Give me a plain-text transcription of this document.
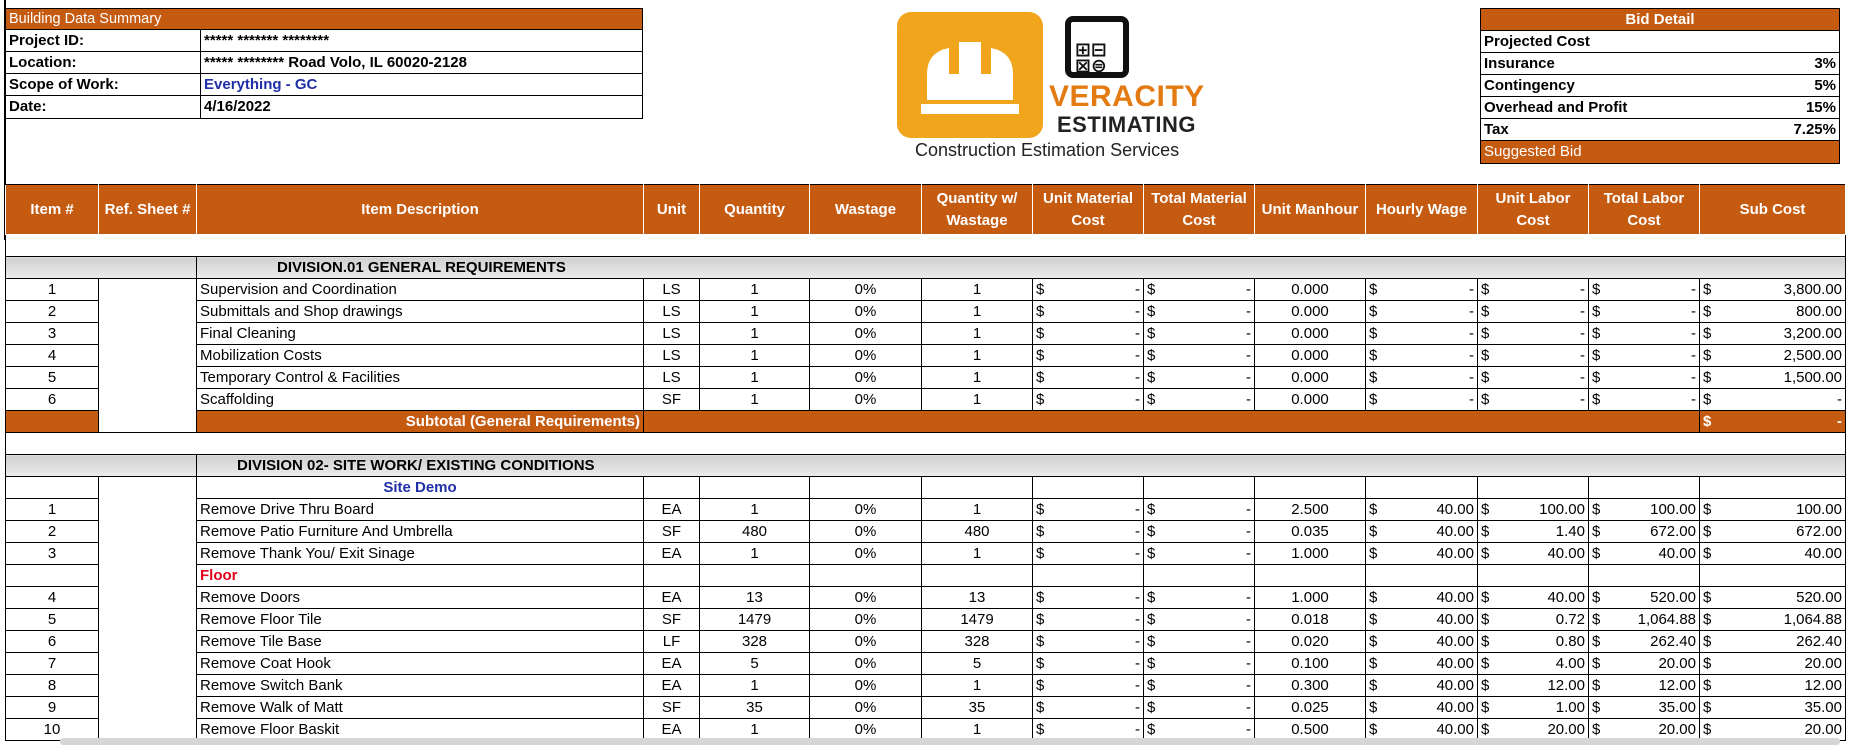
Building Data Summary
Project ID:	***** ******* ********
Location:	***** ******** Road Volo, IL 60020-2128
Scope of Work:	Everything - GC
Date:	4/16/2022
⊞⊟
⊠⊜
VERACITY
ESTIMATING
Construction Estimation Services
Bid Detail
Projected Cost
Insurance	3%
Contingency	5%
Overhead and Profit	15%
Tax	7.25%
Suggested Bid
Item #	Ref. Sheet #	Item Description	Unit	Quantity	Wastage	Quantity w/ Wastage	Unit Material Cost	Total Material Cost	Unit Manhour	Hourly Wage	Unit Labor Cost	Total Labor Cost	Sub Cost

		DIVISION.01 GENERAL REQUIREMENTS											
1		Supervision and Coordination	LS	1	0%	1	$ -	$ -	0.000	$ -	$ -	$ -	$ 3,800.00

2		Submittals and Shop drawings	LS	1	0%	1	$ -	$ -	0.000	$ -	$ -	$ -	$ 800.00

3		Final Cleaning	LS	1	0%	1	$ -	$ -	0.000	$ -	$ -	$ -	$ 3,200.00

4		Mobilization Costs	LS	1	0%	1	$ -	$ -	0.000	$ -	$ -	$ -	$ 2,500.00

5		Temporary Control & Facilities	LS	1	0%	1	$ -	$ -	0.000	$ -	$ -	$ -	$ 1,500.00

6		Scaffolding	SF	1	0%	1	$ -	$ -	0.000	$ -	$ -	$ -	$ -

		Subtotal (General Requirements)											$ -

		DIVISION 02- SITE WORK/ EXISTING CONDITIONS											
		Site Demo											
1		Remove Drive Thru Board	EA	1	0%	1	$ -	$ -	2.500	$ 40.00	$ 100.00	$ 100.00	$ 100.00

2		Remove Patio Furniture And Umbrella	SF	480	0%	480	$ -	$ -	0.035	$ 40.00	$ 1.40	$ 672.00	$ 672.00

3		Remove Thank You/ Exit Sinage	EA	1	0%	1	$ -	$ -	1.000	$ 40.00	$ 40.00	$ 40.00	$ 40.00

		Floor											
4		Remove Doors	EA	13	0%	13	$ -	$ -	1.000	$ 40.00	$ 40.00	$ 520.00	$ 520.00

5		Remove Floor Tile	SF	1479	0%	1479	$ -	$ -	0.018	$ 40.00	$ 0.72	$ 1,064.88	$ 1,064.88

6		Remove Tile Base	LF	328	0%	328	$ -	$ -	0.020	$ 40.00	$ 0.80	$ 262.40	$ 262.40

7		Remove Coat Hook	EA	5	0%	5	$ -	$ -	0.100	$ 40.00	$ 4.00	$ 20.00	$ 20.00

8		Remove Switch Bank	EA	1	0%	1	$ -	$ -	0.300	$ 40.00	$ 12.00	$ 12.00	$ 12.00

9		Remove Walk of Matt	SF	35	0%	35	$ -	$ -	0.025	$ 40.00	$ 1.00	$ 35.00	$ 35.00

10		Remove Floor Baskit	EA	1	0%	1	$ -	$ -	0.500	$ 40.00	$ 20.00	$ 20.00	$ 20.00
